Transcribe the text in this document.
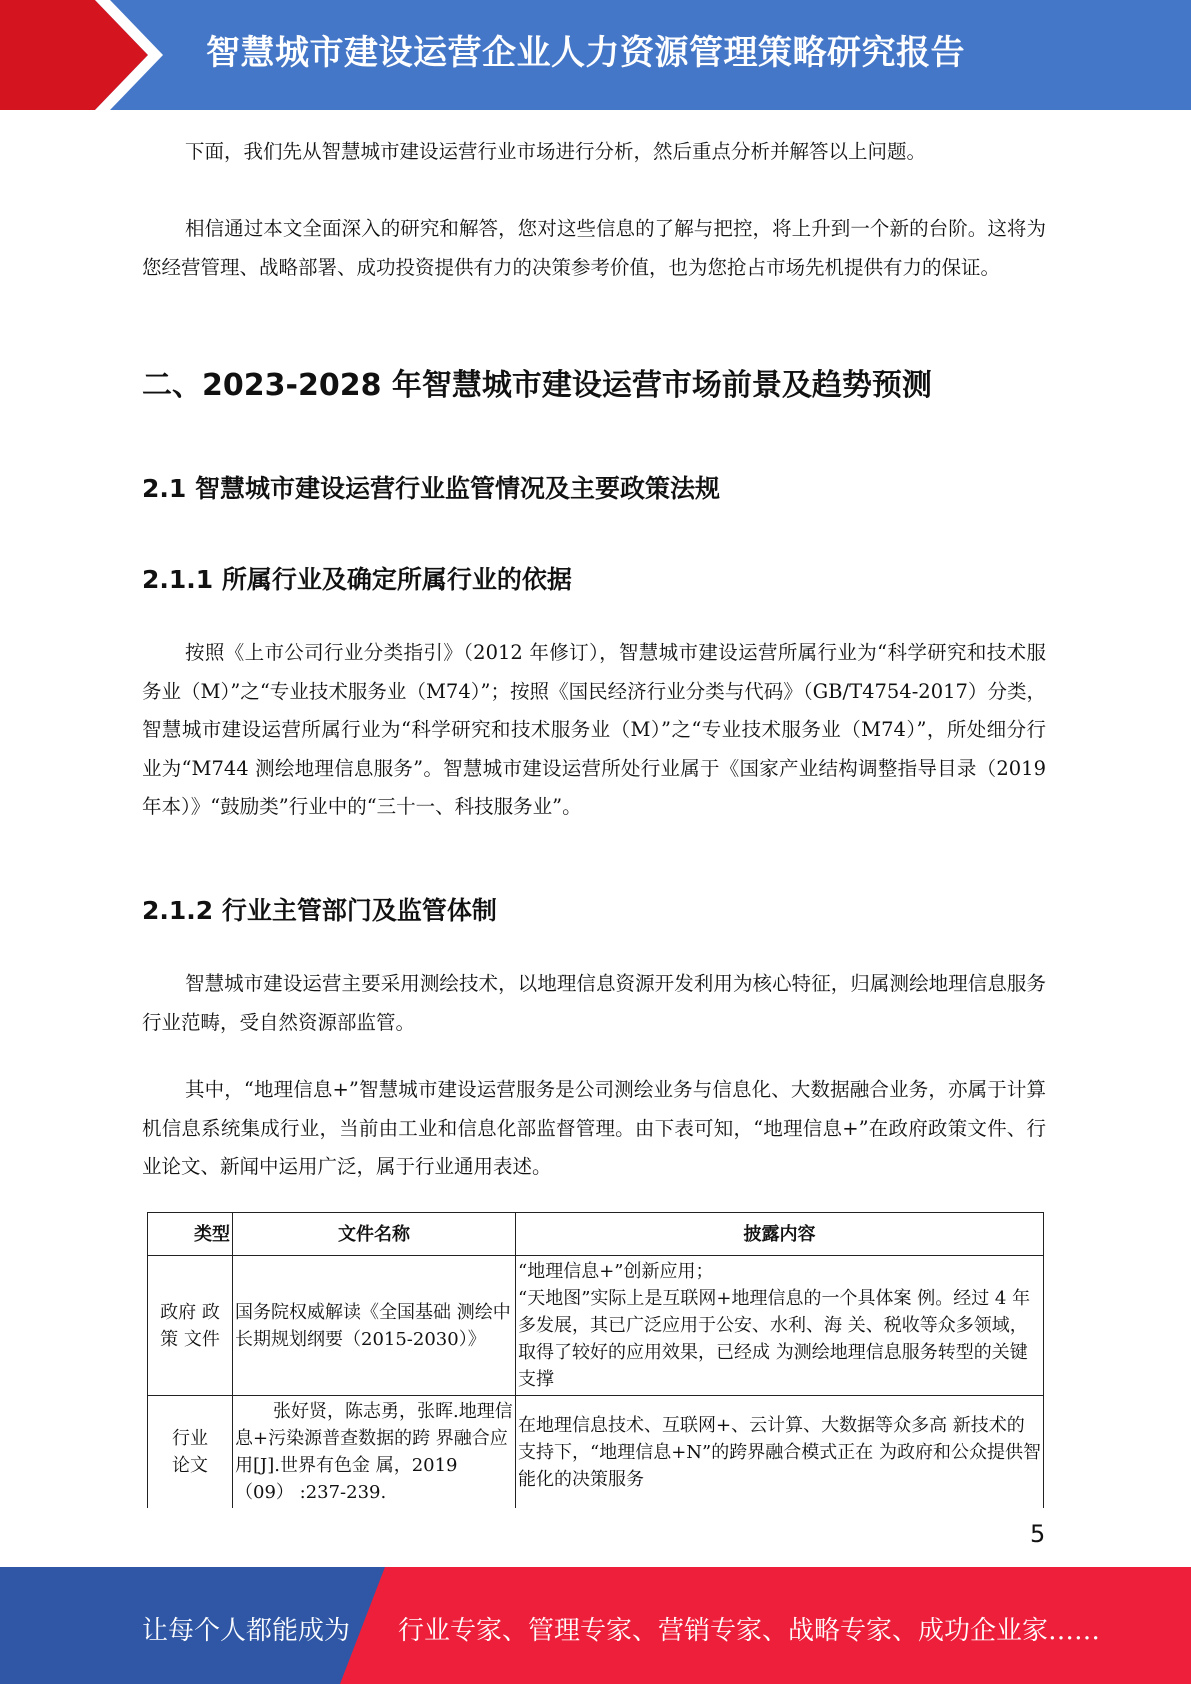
智慧城市建设运营企业人力资源管理策略研究报告

下面，我们先从智慧城市建设运营行业市场进行分析，然后重点分析并解答以上问题。

相信通过本文全面深入的研究和解答，您对这些信息的了解与把控，将上升到一个新的台阶。这将为您经营管理、战略部署、成功投资提供有力的决策参考价值，也为您抢占市场先机提供有力的保证。

二、2023-2028 年智慧城市建设运营市场前景及趋势预测
2.1 智慧城市建设运营行业监管情况及主要政策法规
2.1.1 所属行业及确定所属行业的依据

按照《上市公司行业分类指引》（2012 年修订），智慧城市建设运营所属行业为“科学研究和技术服务业（M）”之“专业技术服务业（M74）”；按照《国民经济行业分类与代码》（GB/T4754-2017）分类，智慧城市建设运营所属行业为“科学研究和技术服务业（M）”之“专业技术服务业（M74）”，所处细分行业为“M744 测绘地理信息服务”。智慧城市建设运营所处行业属于《国家产业结构调整指导目录（2019 年本）》“鼓励类”行业中的“三十一、科技服务业”。

2.1.2 行业主管部门及监管体制

智慧城市建设运营主要采用测绘技术，以地理信息资源开发利用为核心特征，归属测绘地理信息服务行业范畴，受自然资源部监管。

其中，“地理信息+”智慧城市建设运营服务是公司测绘业务与信息化、大数据融合业务，亦属于计算机信息系统集成行业，当前由工业和信息化部监督管理。由下表可知，“地理信息+”在政府政策文件、行业论文、新闻中运用广泛，属于行业通用表述。

类型	文件名称	披露内容
政府 政策 文件	国务院权威解读《全国基础 测绘中长期规划纲要（2015-2030）》	“地理信息+”创新应用；
“天地图”实际上是互联网+地理信息的一个具体案 例。经过 4 年多发展，其已广泛应用于公安、水利、海 关、税收等众多领域，取得了较好的应用效果，已经成 为测绘地理信息服务转型的关键支撑

行业 论文	张好贤，陈志勇，张晖.地理信息+污染源普查数据的跨 界融合应用[J].世界有色金 属，2019（09） :237-239.	在地理信息技术、互联网+、云计算、大数据等众多高 新技术的支持下，“地理信息+N”的跨界融合模式正在 为政府和公众提供智能化的决策服务
5
让每个人都能成为 行业专家、管理专家、营销专家、战略专家、成功企业家……
